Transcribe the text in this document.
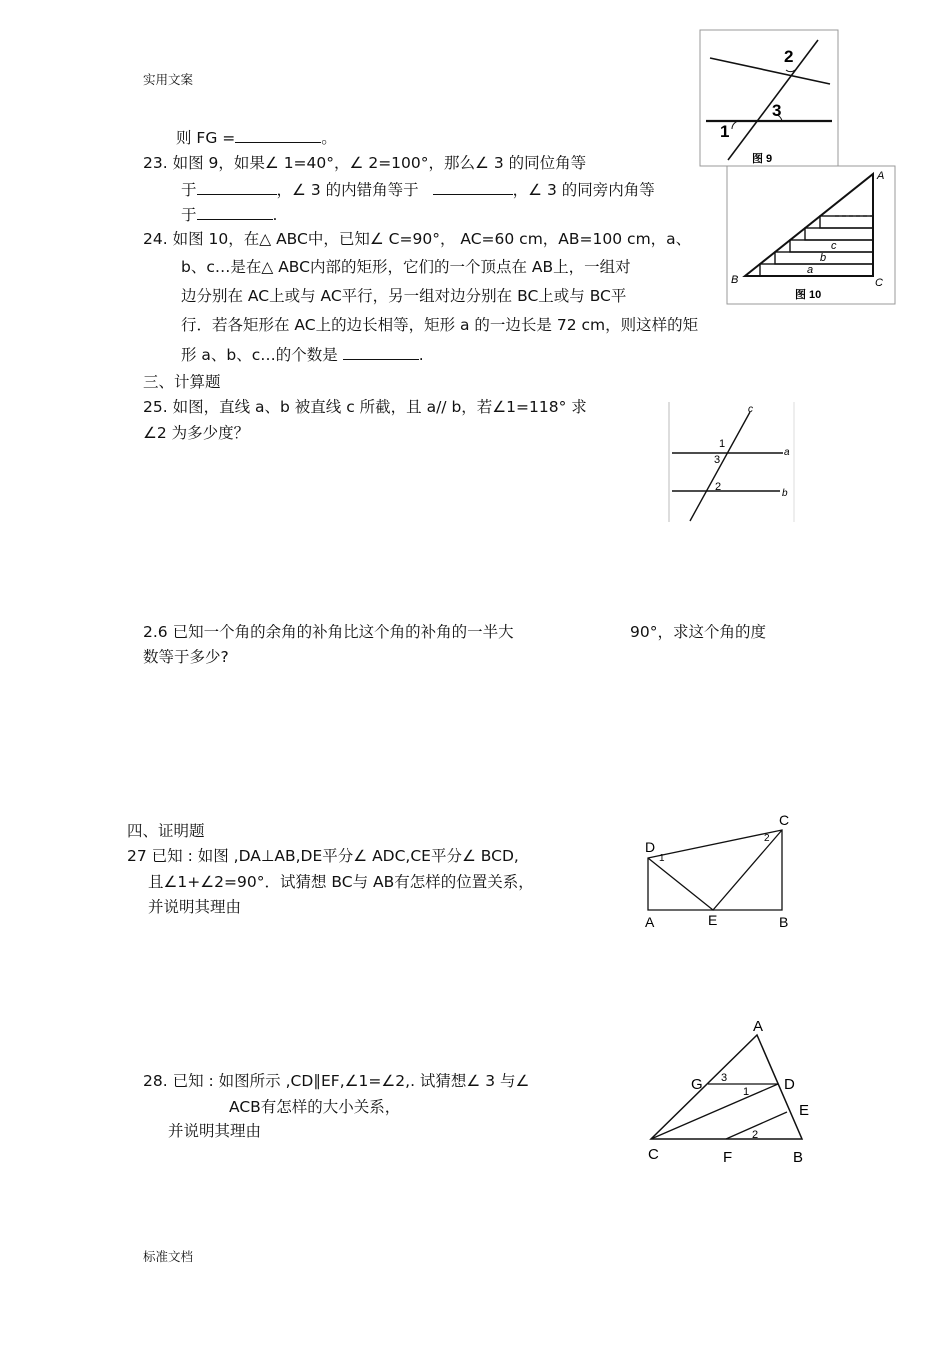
实用文案
标准文档
则 FG =	。
23. 如图 9，如果∠ 1=40°，∠ 2=100°，那么∠ 3 的同位角等
于	，∠ 3 的内错角等于	，∠ 3 的同旁内角等
于	.
24. 如图 10，在△ ABC中，已知∠ C=90°， AC=60 cm，AB=100 cm，a、
b、c…是在△ ABC内部的矩形，它们的一个顶点在 AB上，一组对
边分别在 AC上或与 AC平行，另一组对边分别在 BC上或与 BC平
行．若各矩形在 AC上的边长相等，矩形 a 的一边长是 72 cm，则这样的矩
形 a、b、c…的个数是	.
三、计算题
25. 如图，直线 a、b 被直线 c 所截，且 a// b，若∠1=118° 求
∠2 为多少度？
2.6 已知一个角的余角的补角比这个角的补角的一半大	90°，求这个角的度
数等于多少?
四、证明题
27 已知 : 如图 ,DA⊥AB,DE平分∠ ADC,CE平分∠ BCD,
且∠1+∠2=90°．试猜想 BC与 AB有怎样的位置关系，
并说明其理由
28. 已知 : 如图所示 ,CD∥EF,∠1=∠2,. 试猜想∠ 3 与∠
ACB有怎样的大小关系，
并说明其理由
2
3
1
图 9
A
B	C
a
b
c
图 10
c
a
b
1
3
2
D
C
A	E	B
1
2
A
G	D
E
C	F	B
3
1
2
